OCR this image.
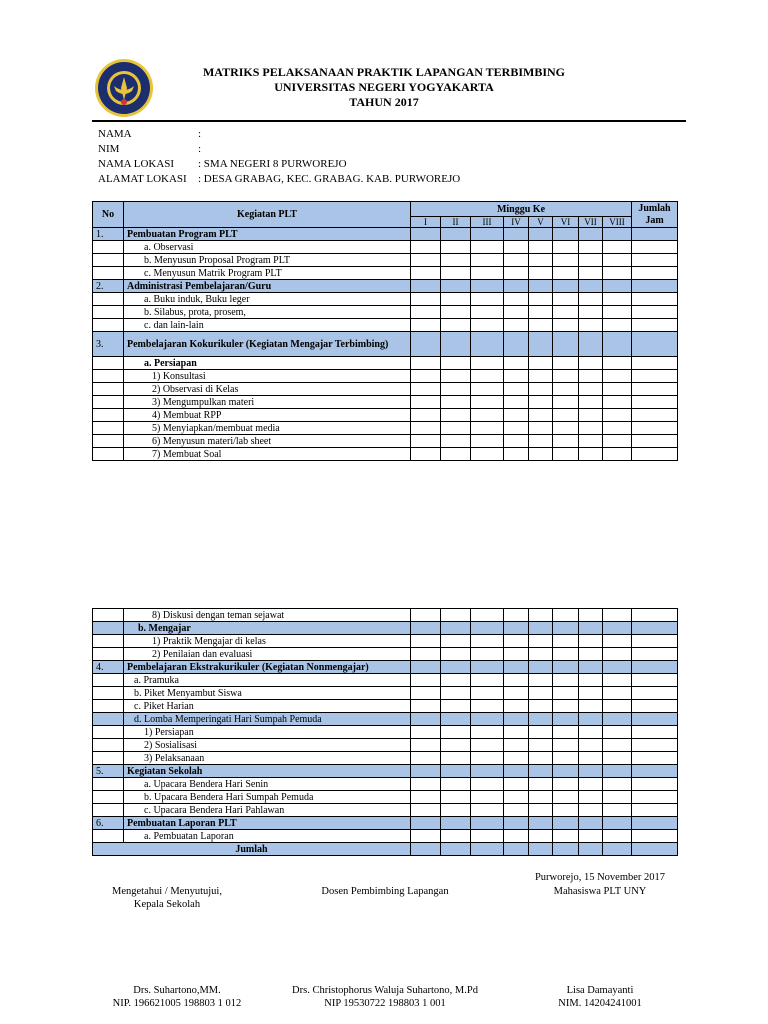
MATRIKS PELAKSANAAN PRAKTIK LAPANGAN TERBIMBING
UNIVERSITAS NEGERI YOGYAKARTA
TAHUN 2017
NAMA	:
NIM	:
NAMA LOKASI	: SMA NEGERI 8 PURWOREJO
ALAMAT LOKASI	: DESA GRABAG, KEC. GRABAG. KAB. PURWOREJO
No	Kegiatan PLT	Minggu Ke								Jumlah Jam
		I	II	III	IV	V	VI	VII	VIII	
1.	Pembuatan Program PLT									
	a. Observasi									
	b. Menyusun Proposal Program PLT									
	c. Menyusun Matrik Program PLT									
2.	Administrasi Pembelajaran/Guru									
	a. Buku induk, Buku leger									
	b. Silabus, prota, prosem,									
	c. dan lain-lain									
3.	Pembelajaran Kokurikuler (Kegiatan Mengajar Terbimbing)									
	a. Persiapan									
	1) Konsultasi									
	2) Observasi di Kelas									
	3) Mengumpulkan materi									
	4) Membuat RPP									
	5) Menyiapkan/membuat media									
	6) Menyusun materi/lab sheet									
	7) Membuat Soal									
	8) Diskusi dengan teman sejawat									
	b. Mengajar									
	1) Praktik Mengajar di kelas									
	2) Penilaian dan evaluasi									
4.	Pembelajaran Ekstrakurikuler (Kegiatan Nonmengajar)									
	a. Pramuka									
	b. Piket Menyambut Siswa									
	c. Piket Harian									
	d. Lomba Memperingati Hari Sumpah Pemuda									
	1) Persiapan									
	2) Sosialisasi									
	3) Pelaksanaan									
5.	Kegiatan Sekolah									
	a. Upacara Bendera Hari Senin									
	b. Upacara Bendera Hari Sumpah Pemuda									
	c. Upacara Bendera Hari Pahlawan									
6.	Pembuatan Laporan PLT									
	a. Pembuatan Laporan									
Jumlah										
Purworejo, 15 November 2017
Mengetahui / Menyutujui,
Kepala Sekolah
Dosen Pembimbing Lapangan	Mahasiswa PLT UNY
Drs. Suhartono,MM.
NIP. 196621005 198803 1 012
Drs. Christophorus Waluja Suhartono, M.Pd
NIP 19530722 198803 1 001
Lisa Damayanti
NIM. 14204241001
